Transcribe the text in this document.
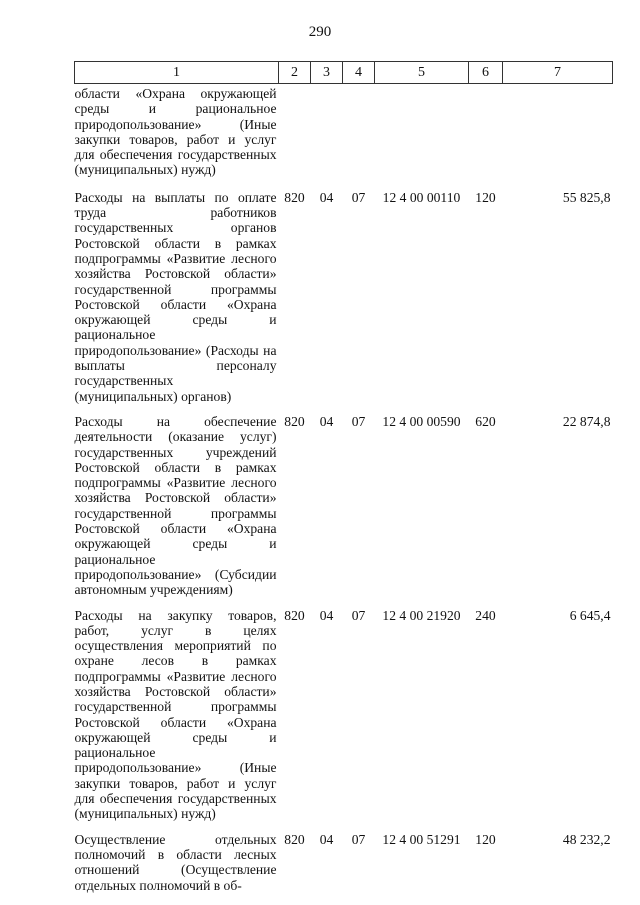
290
1	2	3	4	5	6	7
области «Охрана окружающей среды и рациональное природопользование» (Иные закупки товаров, работ и услуг для обеспечения государственных (муниципальных) нужд)						
Расходы на выплаты по оплате труда работников государственных органов Ростовской области в рамках подпрограммы «Развитие лесного хозяйства Ростовской области» государственной программы Ростовской области «Охрана окружающей среды и рациональное природопользование» (Расходы на выплаты персоналу государственных (муниципальных) органов)	820	04	07	12 4 00 00110	120	55 825,8
Расходы на обеспечение деятельности (оказание услуг) государственных учреждений Ростовской области в рамках подпрограммы «Развитие лесного хозяйства Ростовской области» государственной программы Ростовской области «Охрана окружающей среды и рациональное природопользование» (Субсидии автономным учреждениям)	820	04	07	12 4 00 00590	620	22 874,8
Расходы на закупку товаров, работ, услуг в целях осуществления мероприятий по охране лесов в рамках подпрограммы «Развитие лесного хозяйства Ростовской области» государственной программы Ростовской области «Охрана окружающей среды и рациональное природопользование» (Иные закупки товаров, работ и услуг для обеспечения государственных (муниципальных) нужд)	820	04	07	12 4 00 21920	240	6 645,4
Осуществление отдельных полномочий в области лесных отношений (Осуществление отдельных полномочий в об-	820	04	07	12 4 00 51291	120	48 232,2
